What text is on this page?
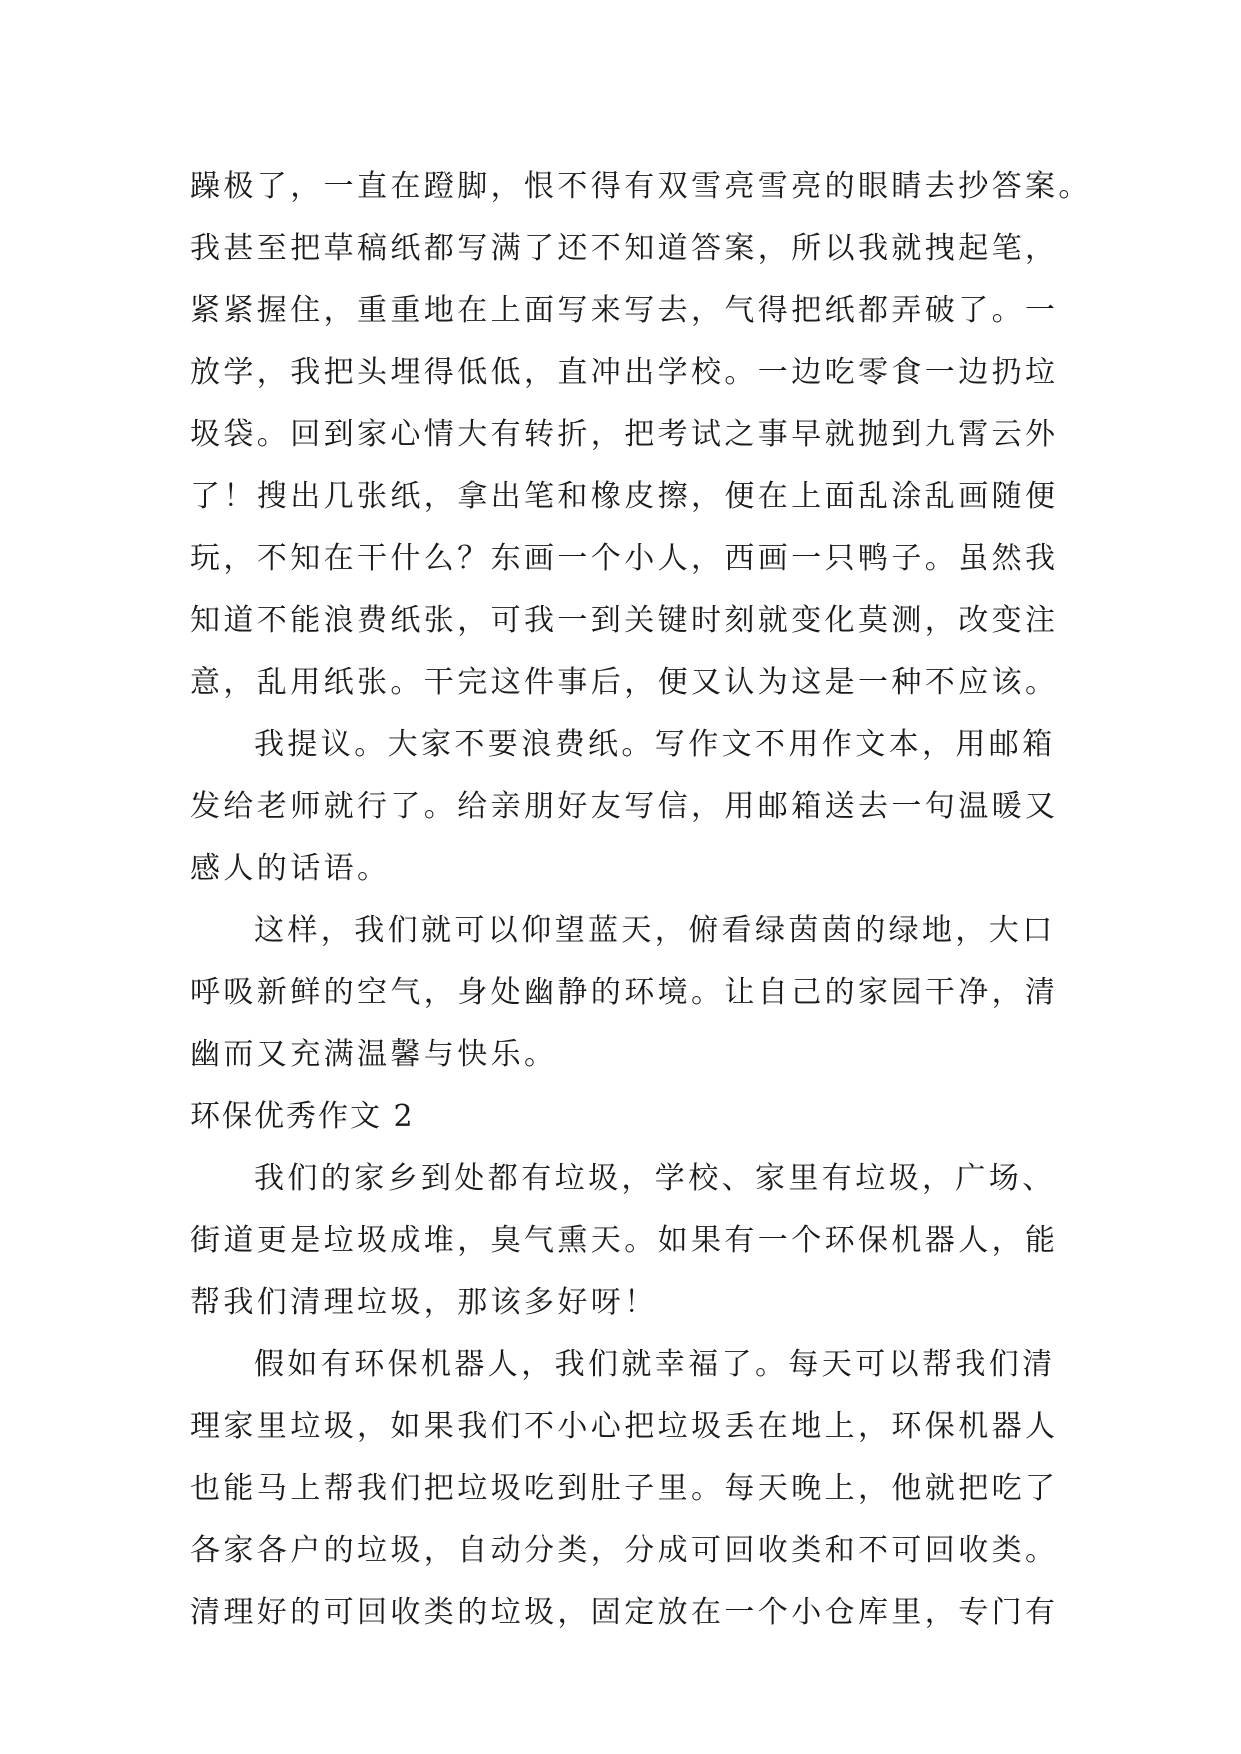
躁极了，一直在蹬脚，恨不得有双雪亮雪亮的眼睛去抄答案。
我甚至把草稿纸都写满了还不知道答案，所以我就拽起笔，
紧紧握住，重重地在上面写来写去，气得把纸都弄破了。一
放学，我把头埋得低低，直冲出学校。一边吃零食一边扔垃
圾袋。回到家心情大有转折，把考试之事早就抛到九霄云外
了！搜出几张纸，拿出笔和橡皮擦，便在上面乱涂乱画随便
玩，不知在干什么？东画一个小人，西画一只鸭子。虽然我
知道不能浪费纸张，可我一到关键时刻就变化莫测，改变注
意，乱用纸张。干完这件事后，便又认为这是一种不应该。
我提议。大家不要浪费纸。写作文不用作文本，用邮箱
发给老师就行了。给亲朋好友写信，用邮箱送去一句温暖又
感人的话语。
这样，我们就可以仰望蓝天，俯看绿茵茵的绿地，大口
呼吸新鲜的空气，身处幽静的环境。让自己的家园干净，清
幽而又充满温馨与快乐。
环保优秀作文 2
我们的家乡到处都有垃圾，学校、家里有垃圾，广场、
街道更是垃圾成堆，臭气熏天。如果有一个环保机器人，能
帮我们清理垃圾，那该多好呀！
假如有环保机器人，我们就幸福了。每天可以帮我们清
理家里垃圾，如果我们不小心把垃圾丢在地上，环保机器人
也能马上帮我们把垃圾吃到肚子里。每天晚上，他就把吃了
各家各户的垃圾，自动分类，分成可回收类和不可回收类。
清理好的可回收类的垃圾，固定放在一个小仓库里，专门有
